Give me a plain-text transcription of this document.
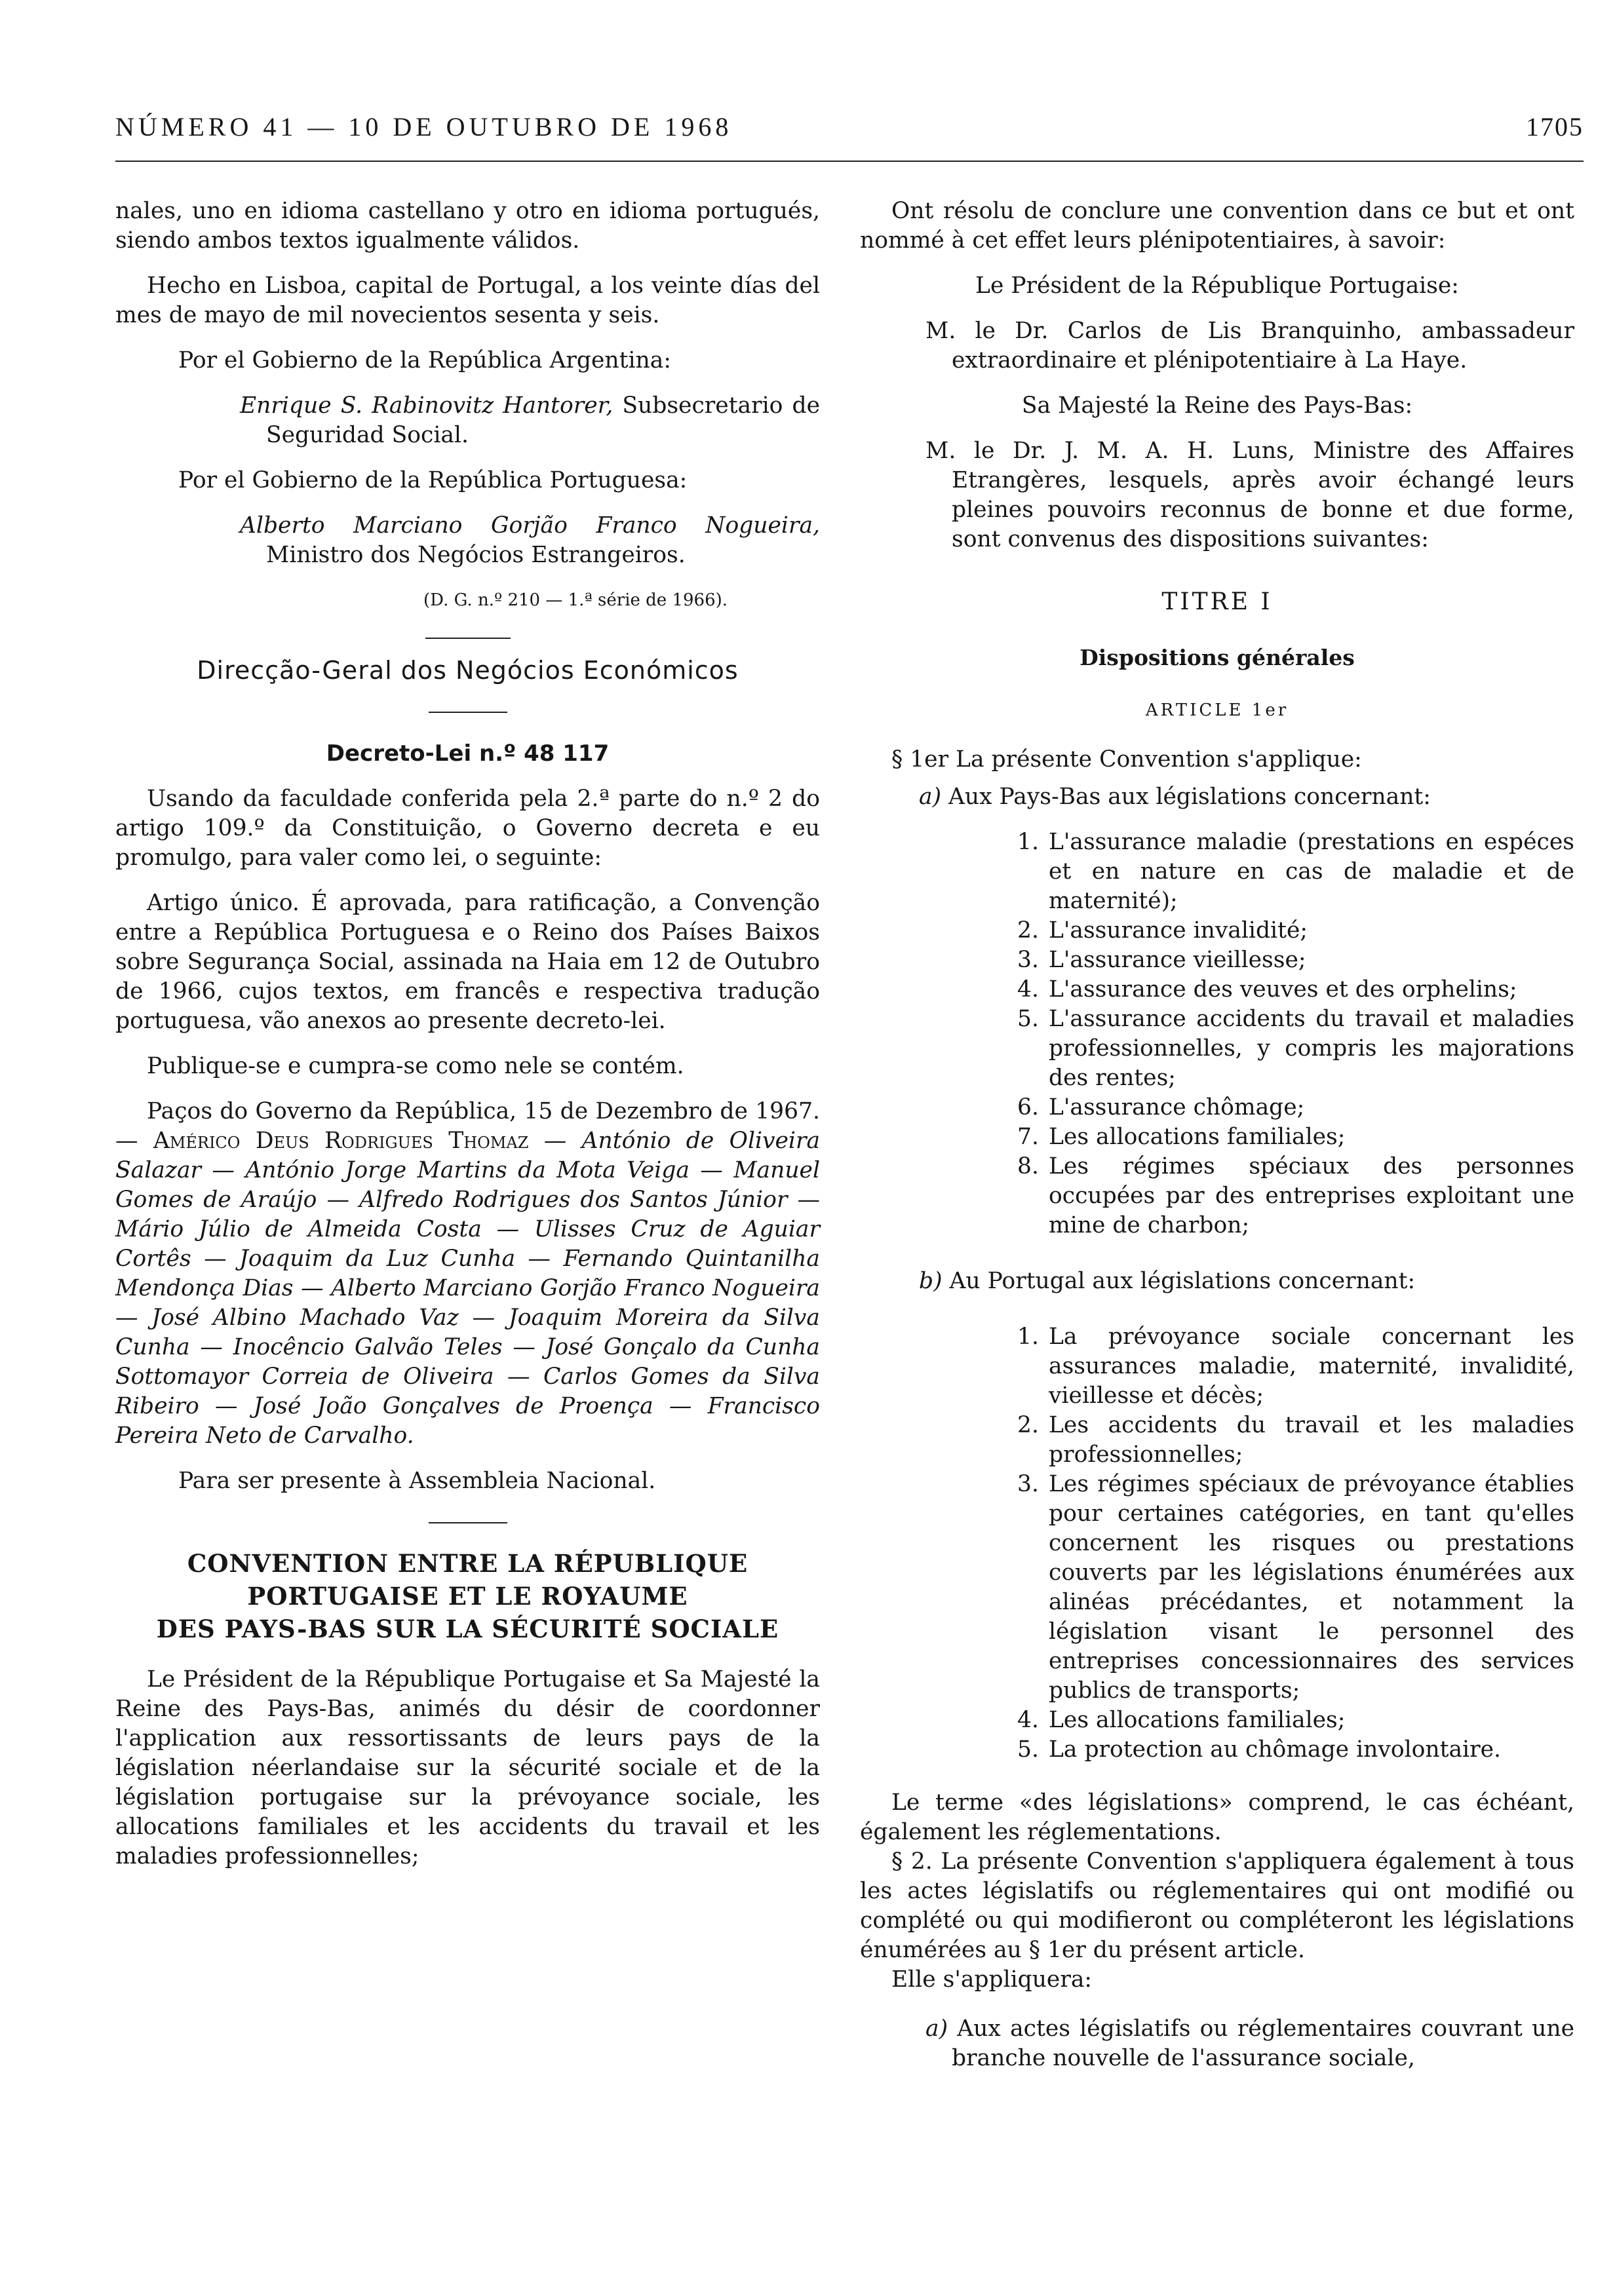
NÚMERO 41 — 10 DE OUTUBRO DE 1968	1705

nales, uno en idioma castellano y otro en idioma portugués, siendo ambos textos igualmente válidos.

Hecho en Lisboa, capital de Portugal, a los veinte días del mes de mayo de mil novecientos sesenta y seis.

Por el Gobierno de la República Argentina:

Enrique S. Rabinovitz Hantorer, Subsecretario de Seguridad Social.

Por el Gobierno de la República Portuguesa:

Alberto Marciano Gorjão Franco Nogueira, Ministro dos Negócios Estrangeiros.

(D. G. n.º 210 — 1.ª série de 1966).

Direcção-Geral dos Negócios Económicos

Decreto-Lei n.º 48 117

Usando da faculdade conferida pela 2.ª parte do n.º 2 do artigo 109.º da Constituição, o Governo decreta e eu promulgo, para valer como lei, o seguinte:

Artigo único. É aprovada, para ratificação, a Convenção entre a República Portuguesa e o Reino dos Países Baixos sobre Segurança Social, assinada na Haia em 12 de Outubro de 1966, cujos textos, em francês e respectiva tradução portuguesa, vão anexos ao presente decreto-lei.

Publique-se e cumpra-se como nele se contém.

Paços do Governo da República, 15 de Dezembro de 1967. — Américo Deus Rodrigues Thomaz — António de Oliveira Salazar — António Jorge Martins da Mota Veiga — Manuel Gomes de Araújo — Alfredo Rodrigues dos Santos Júnior — Mário Júlio de Almeida Costa — Ulisses Cruz de Aguiar Cortês — Joaquim da Luz Cunha — Fernando Quintanilha Mendonça Dias — Alberto Marciano Gorjão Franco Nogueira — José Albino Machado Vaz — Joaquim Moreira da Silva Cunha — Inocêncio Galvão Teles — José Gonçalo da Cunha Sottomayor Correia de Oliveira — Carlos Gomes da Silva Ribeiro — José João Gonçalves de Proença — Francisco Pereira Neto de Carvalho.

Para ser presente à Assembleia Nacional.

CONVENTION ENTRE LA RÉPUBLIQUE

PORTUGAISE ET LE ROYAUME

DES PAYS-BAS SUR LA SÉCURITÉ SOCIALE

Le Président de la République Portugaise et Sa Majesté la Reine des Pays-Bas, animés du désir de coordonner l'application aux ressortissants de leurs pays de la législation néerlandaise sur la sécurité sociale et de la législation portugaise sur la prévoyance sociale, les allocations familiales et les accidents du travail et les maladies professionnelles;

Ont résolu de conclure une convention dans ce but et ont nommé à cet effet leurs plénipotentiaires, à savoir:

Le Président de la République Portugaise:

M. le Dr. Carlos de Lis Branquinho, ambassadeur extraordinaire et plénipotentiaire à La Haye.

Sa Majesté la Reine des Pays-Bas:

M. le Dr. J. M. A. H. Luns, Ministre des Affaires Etrangères, lesquels, après avoir échangé leurs pleines pouvoirs reconnus de bonne et due forme, sont convenus des dispositions suivantes:

TITRE I

Dispositions générales

ARTICLE 1er

§ 1er La présente Convention s'applique:

a) Aux Pays-Bas aux législations concernant:

1. L'assurance maladie (prestations en espéces et en nature en cas de maladie et de maternité);
2. L'assurance invalidité;
3. L'assurance vieillesse;
4. L'assurance des veuves et des orphelins;
5. L'assurance accidents du travail et maladies professionnelles, y compris les majorations des rentes;
6. L'assurance chômage;
7. Les allocations familiales;
8. Les régimes spéciaux des personnes occupées par des entreprises exploitant une mine de charbon;

b) Au Portugal aux législations concernant:

1. La prévoyance sociale concernant les assurances maladie, maternité, invalidité, vieillesse et décès;
2. Les accidents du travail et les maladies professionnelles;
3. Les régimes spéciaux de prévoyance établies pour certaines catégories, en tant qu'elles concernent les risques ou prestations couverts par les législations énumérées aux alinéas précédantes, et notamment la législation visant le personnel des entreprises concessionnaires des services publics de transports;
4. Les allocations familiales;
5. La protection au chômage involontaire.

Le terme «des législations» comprend, le cas échéant, également les réglementations.

§ 2. La présente Convention s'appliquera également à tous les actes législatifs ou réglementaires qui ont modifié ou complété ou qui modifieront ou compléteront les législations énumérées au § 1er du présent article.

Elle s'appliquera:

a) Aux actes législatifs ou réglementaires couvrant une branche nouvelle de l'assurance sociale,
